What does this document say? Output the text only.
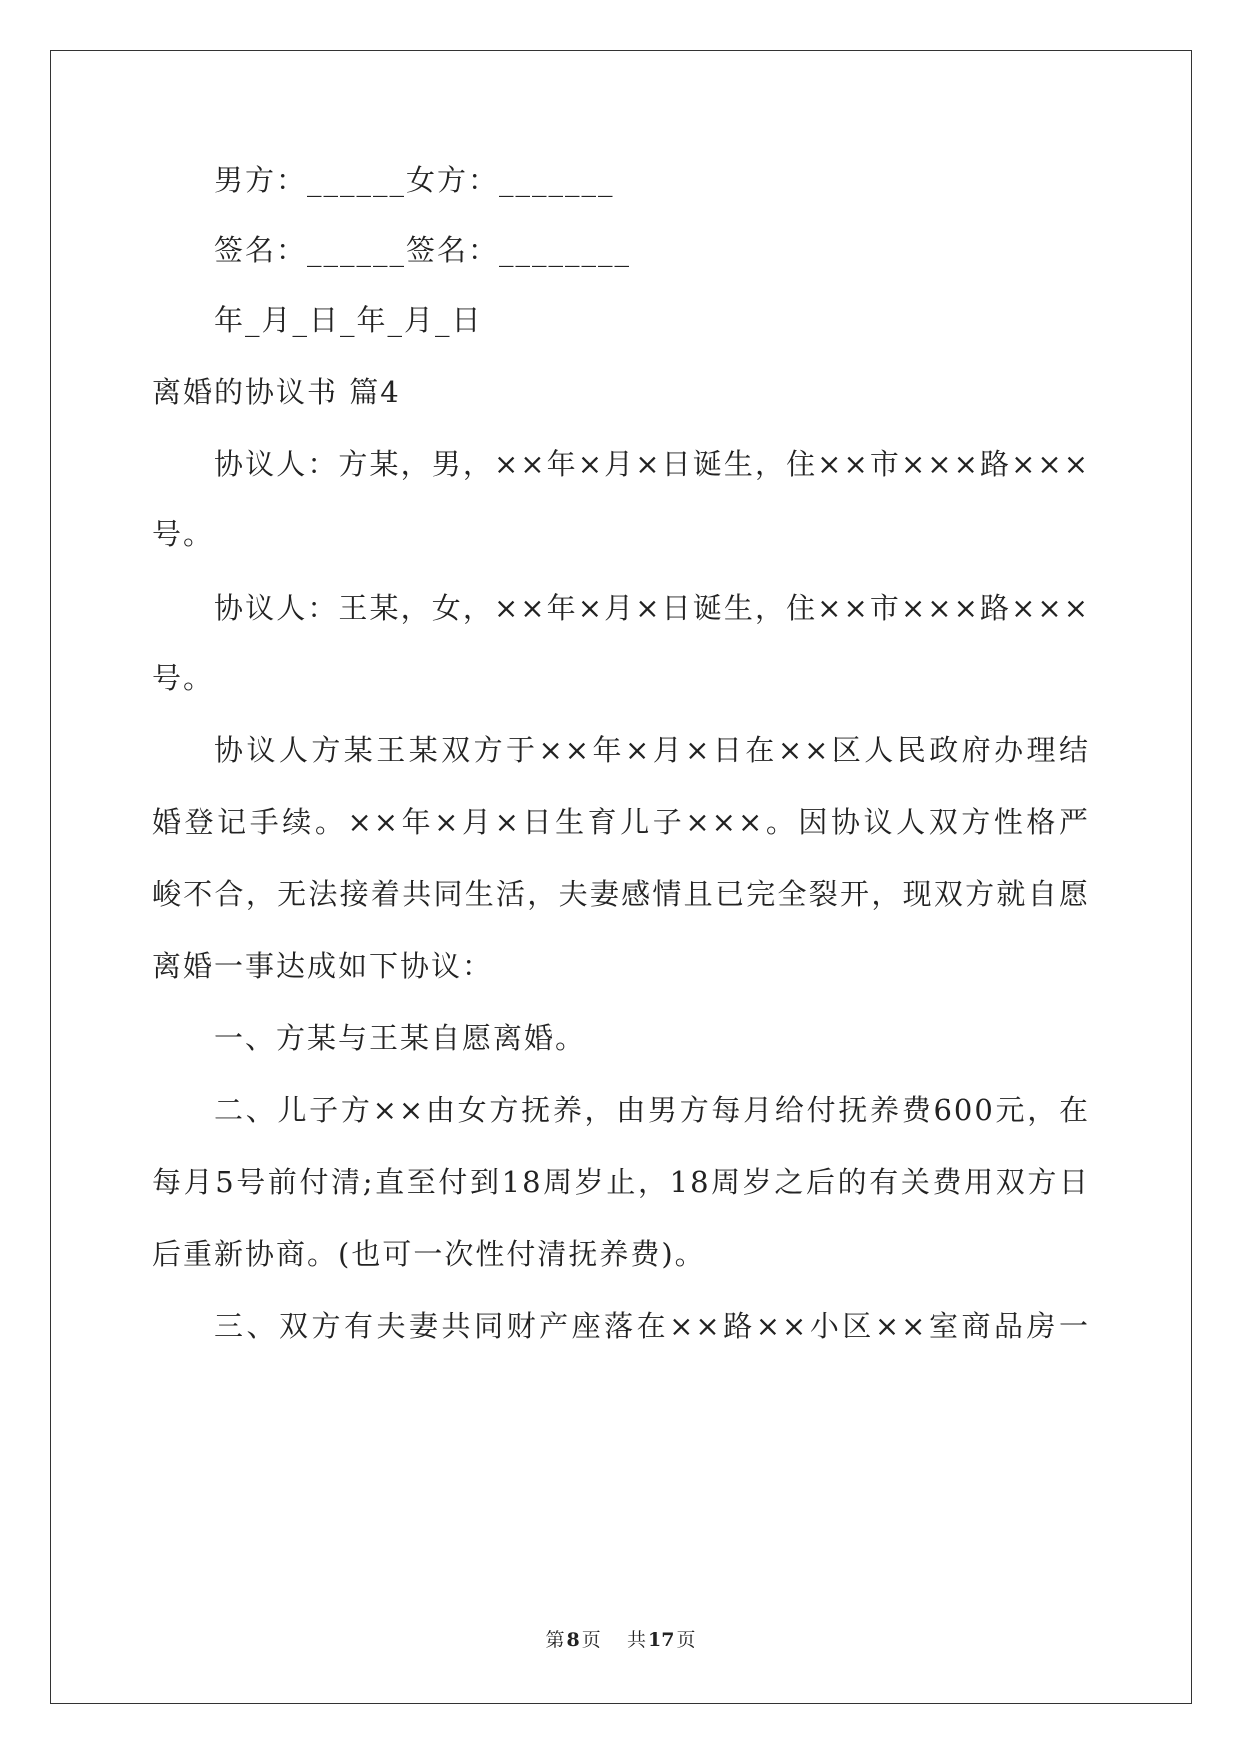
男方：______女方：_______
签名：______签名：________
年_月_日_年_月_日
离婚的协议书 篇4
协议人：方某，男，××年×月×日诞生，住××市×××路×××
号。
协议人：王某，女，××年×月×日诞生，住××市×××路×××
号。
协议人方某王某双方于××年×月×日在××区人民政府办理结
婚登记手续。××年×月×日生育儿子×××。因协议人双方性格严
峻不合，无法接着共同生活，夫妻感情且已完全裂开，现双方就自愿
离婚一事达成如下协议：
一、方某与王某自愿离婚。
二、儿子方××由女方抚养，由男方每月给付抚养费600元，在
每月5号前付清;直至付到18周岁止，18周岁之后的有关费用双方日
后重新协商。(也可一次性付清抚养费)。
三、双方有夫妻共同财产座落在××路××小区××室商品房一
第 8 页 共 17 页
